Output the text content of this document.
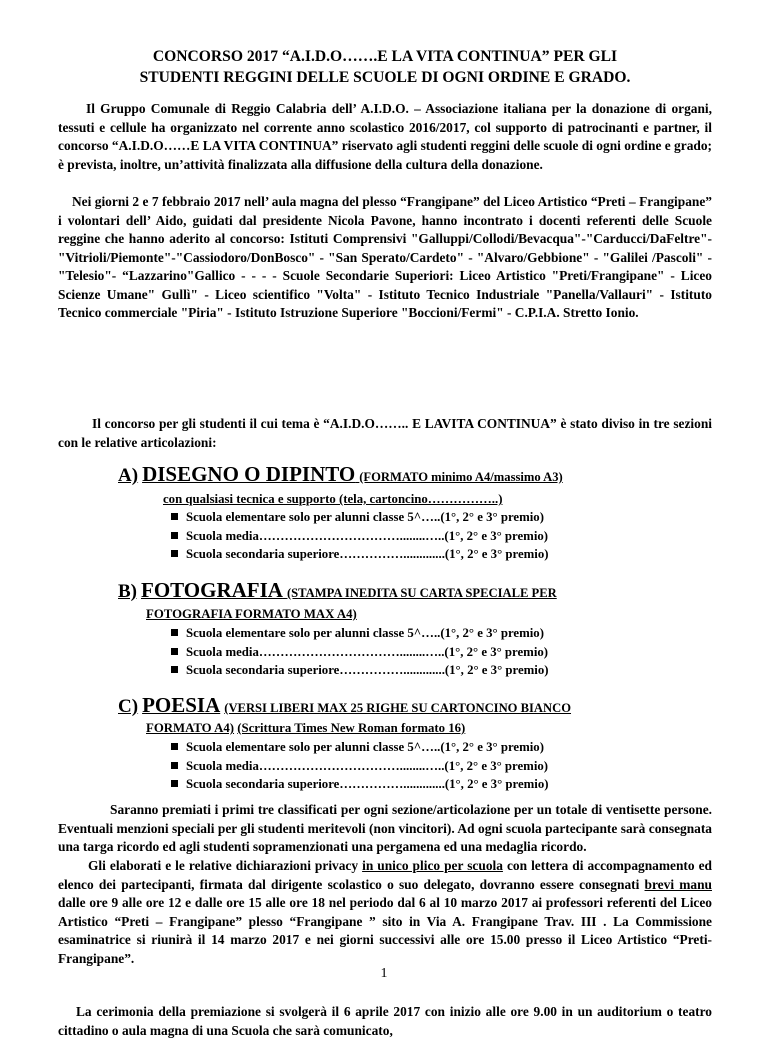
CONCORSO 2017 “A.I.D.O…….E LA VITA CONTINUA” PER GLI
STUDENTI REGGINI DELLE SCUOLE DI OGNI ORDINE E GRADO.
Il Gruppo Comunale di Reggio Calabria dell’ A.I.D.O. – Associazione italiana per la donazione di organi, tessuti e cellule ha organizzato nel corrente anno scolastico 2016/2017, col supporto di patrocinanti e partner, il concorso “A.I.D.O……E LA VITA CONTINUA” riservato agli studenti reggini delle scuole di ogni ordine e grado; è prevista, inoltre, un’attività finalizzata alla diffusione della cultura della donazione.
Nei giorni 2 e 7 febbraio 2017 nell’ aula magna del plesso “Frangipane” del Liceo Artistico “Preti – Frangipane” i volontari dell’ Aido, guidati dal presidente Nicola Pavone, hanno incontrato i docenti referenti delle Scuole reggine che hanno aderito al concorso: Istituti Comprensivi "Galluppi/Collodi/Bevacqua"-"Carducci/DaFeltre"-"Vitrioli/Piemonte"-"Cassiodoro/DonBosco" - "San Sperato/Cardeto" - "Alvaro/Gebbione" - "Galilei /Pascoli" - "Telesio"- “Lazzarino"Gallico - - - - Scuole Secondarie Superiori: Liceo Artistico "Preti/Frangipane" - Liceo Scienze Umane" Gullì" - Liceo scientifico "Volta" - Istituto Tecnico Industriale "Panella/Vallauri" - Istituto Tecnico commerciale "Piria" - Istituto Istruzione Superiore "Boccioni/Fermi" - C.P.I.A. Stretto Ionio.
Il concorso per gli studenti il cui tema è “A.I.D.O…….. E LAVITA CONTINUA” è stato diviso in tre sezioni con le relative articolazioni:
A) DISEGNO O DIPINTO (FORMATO minimo A4/massimo A3)
con qualsiasi tecnica e supporto (tela, cartoncino……………..)
Scuola elementare solo per alunni classe 5^…..(1°, 2° e 3° premio)
Scuola media……………………………........…..(1°, 2° e 3° premio)
Scuola secondaria superiore…………….............(1°, 2° e 3° premio)
B) FOTOGRAFIA (STAMPA INEDITA SU CARTA SPECIALE PER
FOTOGRAFIA FORMATO MAX A4)
Scuola elementare solo per alunni classe 5^…..(1°, 2° e 3° premio)
Scuola media……………………………........…..(1°, 2° e 3° premio)
Scuola secondaria superiore…………….............(1°, 2° e 3° premio)
C) POESIA (VERSI LIBERI MAX 25 RIGHE SU CARTONCINO BIANCO
FORMATO A4) (Scrittura Times New Roman formato 16)
Scuola elementare solo per alunni classe 5^…..(1°, 2° e 3° premio)
Scuola media……………………………........…..(1°, 2° e 3° premio)
Scuola secondaria superiore…………….............(1°, 2° e 3° premio)
Saranno premiati i primi tre classificati per ogni sezione/articolazione per un totale di ventisette persone. Eventuali menzioni speciali per gli studenti meritevoli (non vincitori). Ad ogni scuola partecipante sarà consegnata una targa ricordo ed agli studenti sopramenzionati una pergamena ed una medaglia ricordo.
Gli elaborati e le relative dichiarazioni privacy in unico plico per scuola con lettera di accompagnamento ed elenco dei partecipanti, firmata dal dirigente scolastico o suo delegato, dovranno essere consegnati brevi manu dalle ore 9 alle ore 12 e dalle ore 15 alle ore 18 nel periodo dal 6 al 10 marzo 2017 ai professori referenti del Liceo Artistico “Preti – Frangipane” plesso “Frangipane ” sito in Via A. Frangipane Trav. III . La Commissione esaminatrice si riunirà il 14 marzo 2017 e nei giorni successivi alle ore 15.00 presso il Liceo Artistico “Preti-Frangipane”.
La cerimonia della premiazione si svolgerà il 6 aprile 2017 con inizio alle ore 9.00 in un auditorium o teatro cittadino o aula magna di una Scuola che sarà comunicato,
1
